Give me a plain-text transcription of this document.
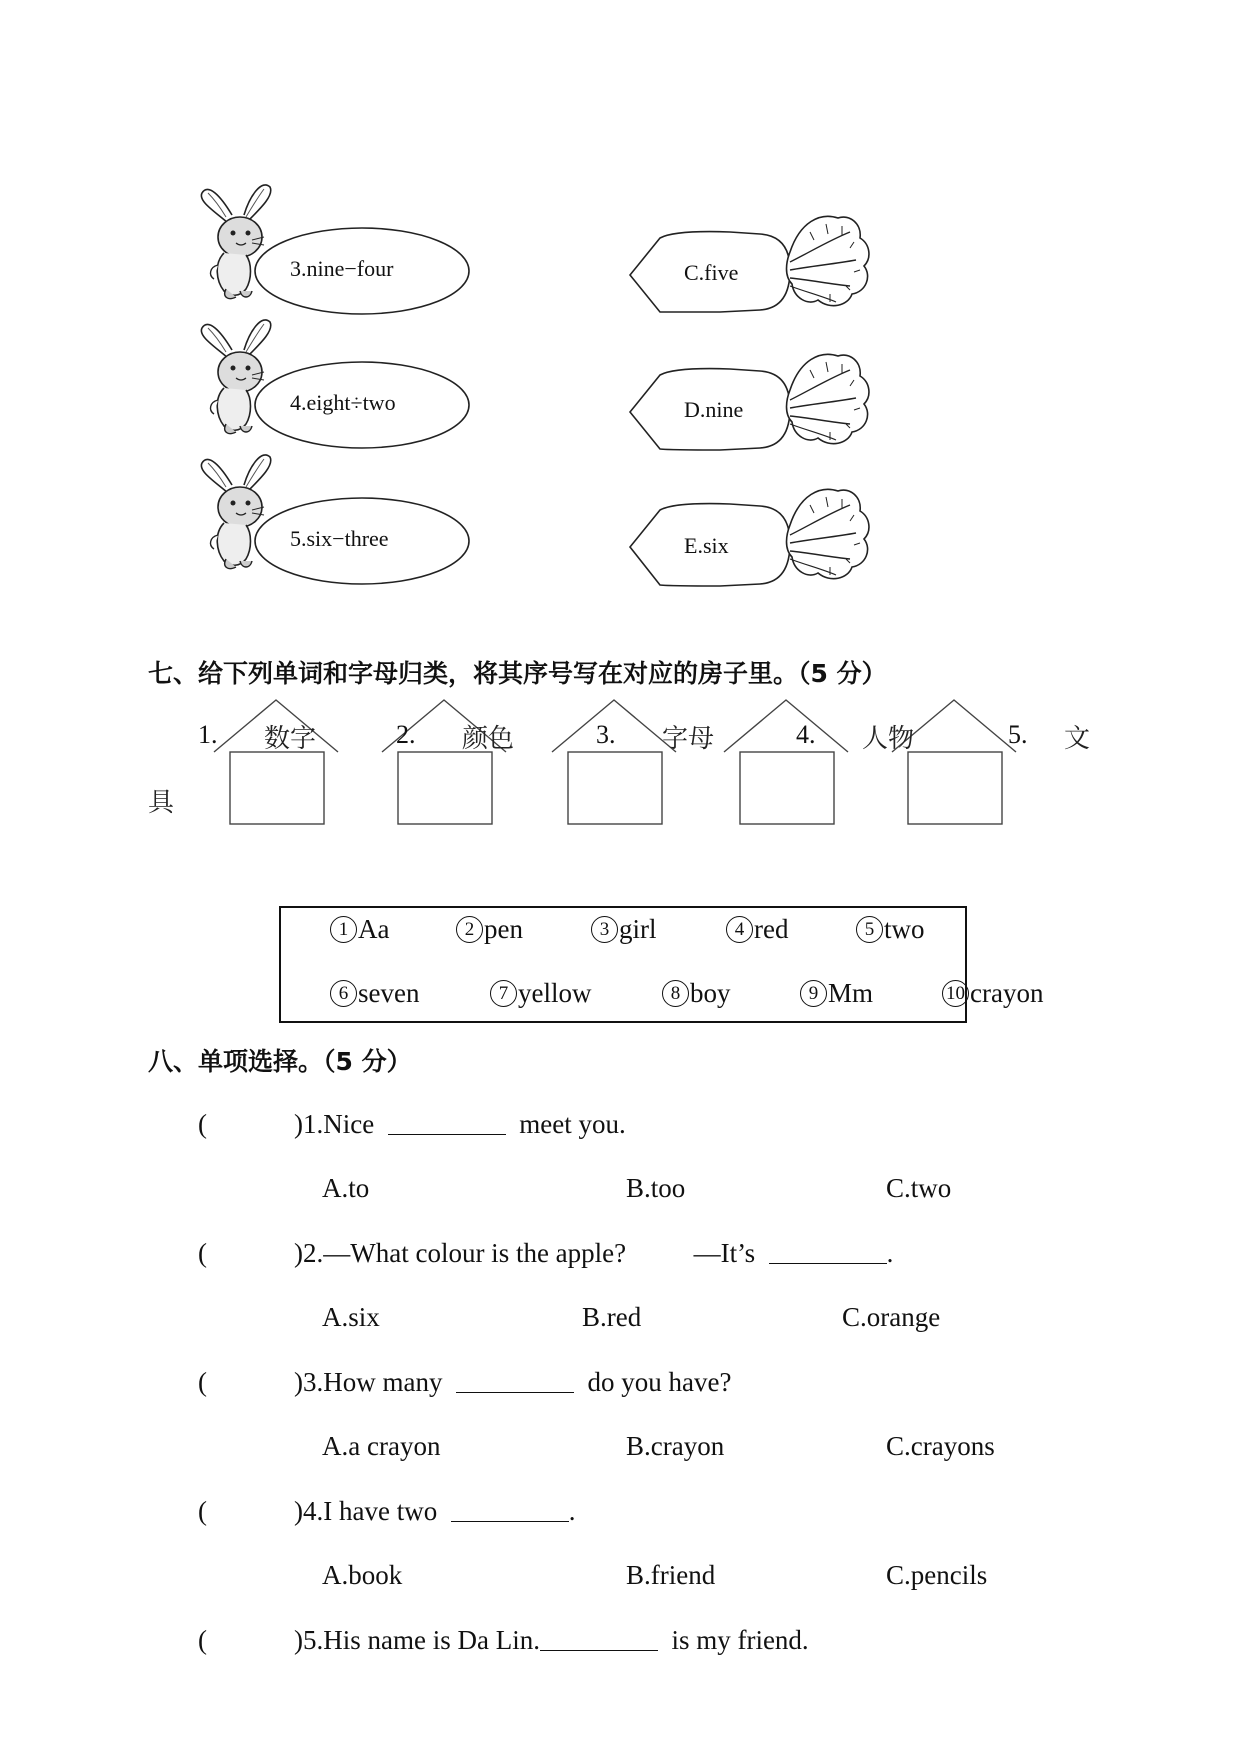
3.nine−four
4.eight÷two
5.six−three
C.five
D.nine
E.six
七、给下列单词和字母归类，将其序号写在对应的房子里。（5 分）
1. 数字	2. 颜色	3. 字母	4. 人物	5. 文
具
1 Aa	2 pen	3 girl	4 red	5 two
6 seven	7 yellow	8 boy	9 Mm	10 crayon
八、单项选择。（5 分）
(	)1.Nice	meet you.
A.to	B.too	C.two
(	)2.—What colour is the apple?	—It’s	.
A.six	B.red	C.orange
(	)3.How many	do you have?
A.a crayon	B.crayon	C.crayons
(	)4.I have two	.
A.book	B.friend	C.pencils
(	)5.His name is Da Lin.	is my friend.
